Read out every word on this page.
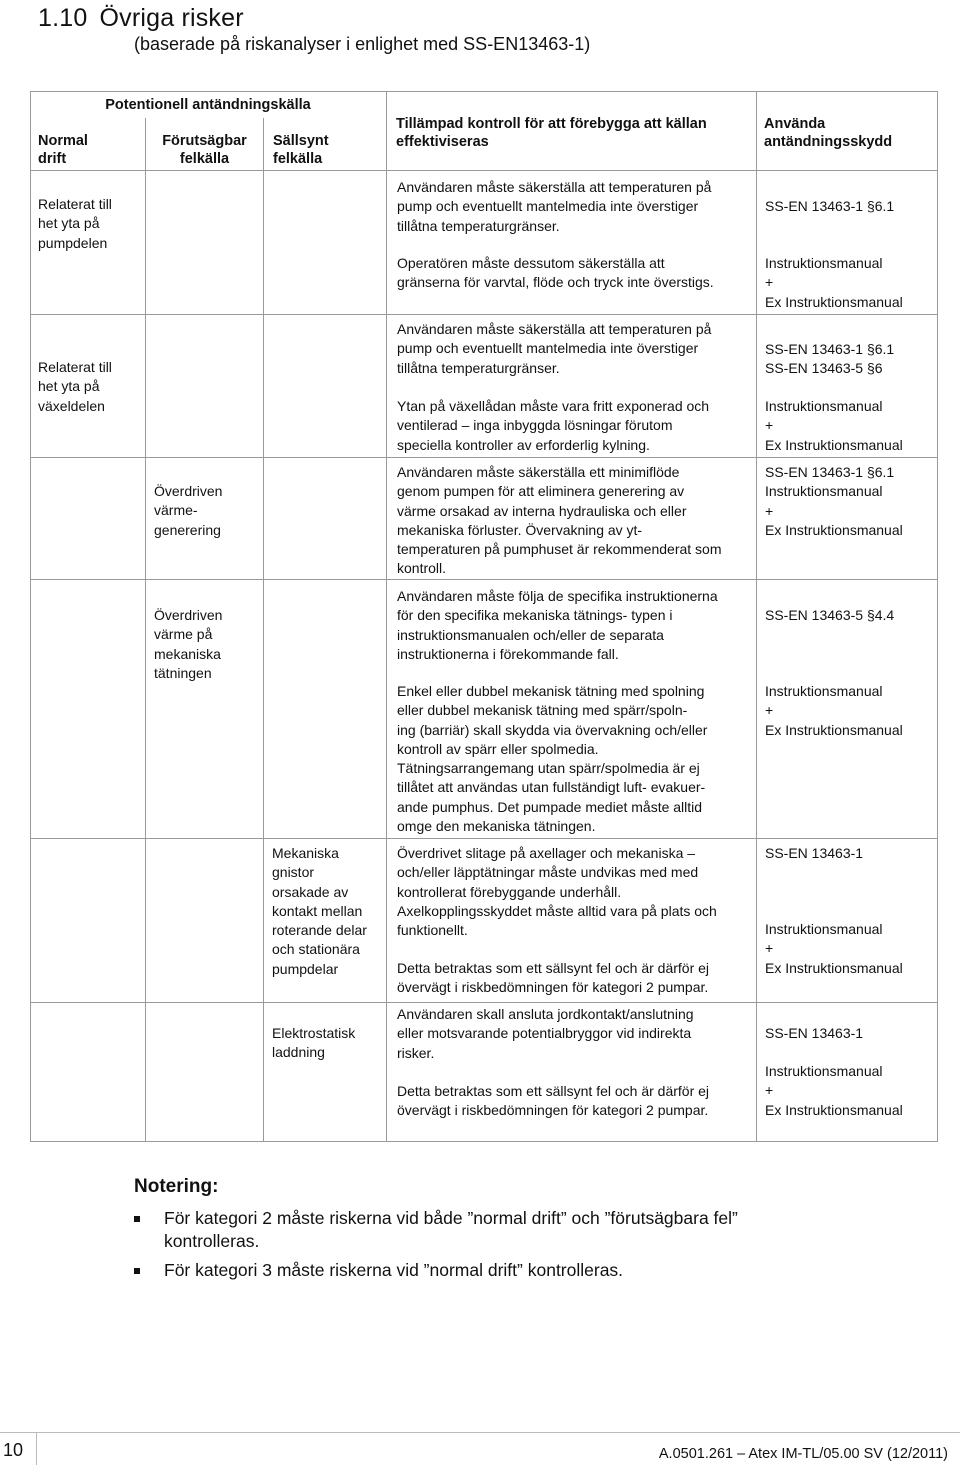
1.10 Övriga risker
(baserade på riskanalyser i enlighet med SS-EN13463-1)
Potentionell antändningskälla
Normal
drift
Förutsägbar
felkälla
Sällsynt
felkälla
Tillämpad kontroll för att förebygga att källan
effektiviseras
Använda
antändningsskydd
Relaterat till
het yta på
pumpdelen
Användaren måste säkerställa att temperaturen på
pump och eventuellt mantelmedia inte överstiger
tillåtna temperaturgränser.
Operatören måste dessutom säkerställa att
gränserna för varvtal, flöde och tryck inte överstigs.
SS-EN 13463-1 §6.1
Instruktionsmanual
+
Ex Instruktionsmanual
Relaterat till
het yta på
växeldelen
Användaren måste säkerställa att temperaturen på
pump och eventuellt mantelmedia inte överstiger
tillåtna temperaturgränser.
Ytan på växellådan måste vara fritt exponerad och
ventilerad – inga inbyggda lösningar förutom
speciella kontroller av erforderlig kylning.
SS-EN 13463-1 §6.1
SS-EN 13463-5 §6
Instruktionsmanual
+
Ex Instruktionsmanual
Överdriven
värme-
generering
Användaren måste säkerställa ett minimiflöde
genom pumpen för att eliminera generering av
värme orsakad av interna hydrauliska och eller
mekaniska förluster. Övervakning av yt-
temperaturen på pumphuset är rekommenderat som
kontroll.
SS-EN 13463-1 §6.1
Instruktionsmanual
+
Ex Instruktionsmanual
Överdriven
värme på
mekaniska
tätningen
Användaren måste följa de specifika instruktionerna
för den specifika mekaniska tätnings- typen i
instruktionsmanualen och/eller de separata
instruktionerna i förekommande fall.
Enkel eller dubbel mekanisk tätning med spolning
eller dubbel mekanisk tätning med spärr/spoln-
ing (barriär) skall skydda via övervakning och/eller
kontroll av spärr eller spolmedia.
Tätningsarrangemang utan spärr/spolmedia är ej
tillåtet att användas utan fullständigt luft- evakuer-
ande pumphus. Det pumpade mediet måste alltid
omge den mekaniska tätningen.
SS-EN 13463-5 §4.4
Instruktionsmanual
+
Ex Instruktionsmanual
Mekaniska
gnistor
orsakade av
kontakt mellan
roterande delar
och stationära
pumpdelar
Överdrivet slitage på axellager och mekaniska –
och/eller läpptätningar måste undvikas med med
kontrollerat förebyggande underhåll.
Axelkopplingsskyddet måste alltid vara på plats och
funktionellt.
Detta betraktas som ett sällsynt fel och är därför ej
övervägt i riskbedömningen för kategori 2 pumpar.
SS-EN 13463-1
Instruktionsmanual
+
Ex Instruktionsmanual
Elektrostatisk
laddning
Användaren skall ansluta jordkontakt/anslutning
eller motsvarande potentialbryggor vid indirekta
risker.
Detta betraktas som ett sällsynt fel och är därför ej
övervägt i riskbedömningen för kategori 2 pumpar.
SS-EN 13463-1
Instruktionsmanual
+
Ex Instruktionsmanual
Notering:
För kategori 2 måste riskerna vid både ”normal drift” och ”förutsägbara fel”
kontrolleras.
För kategori 3 måste riskerna vid ”normal drift” kontrolleras.
10	A.0501.261 – Atex IM-TL/05.00 SV (12/2011)
